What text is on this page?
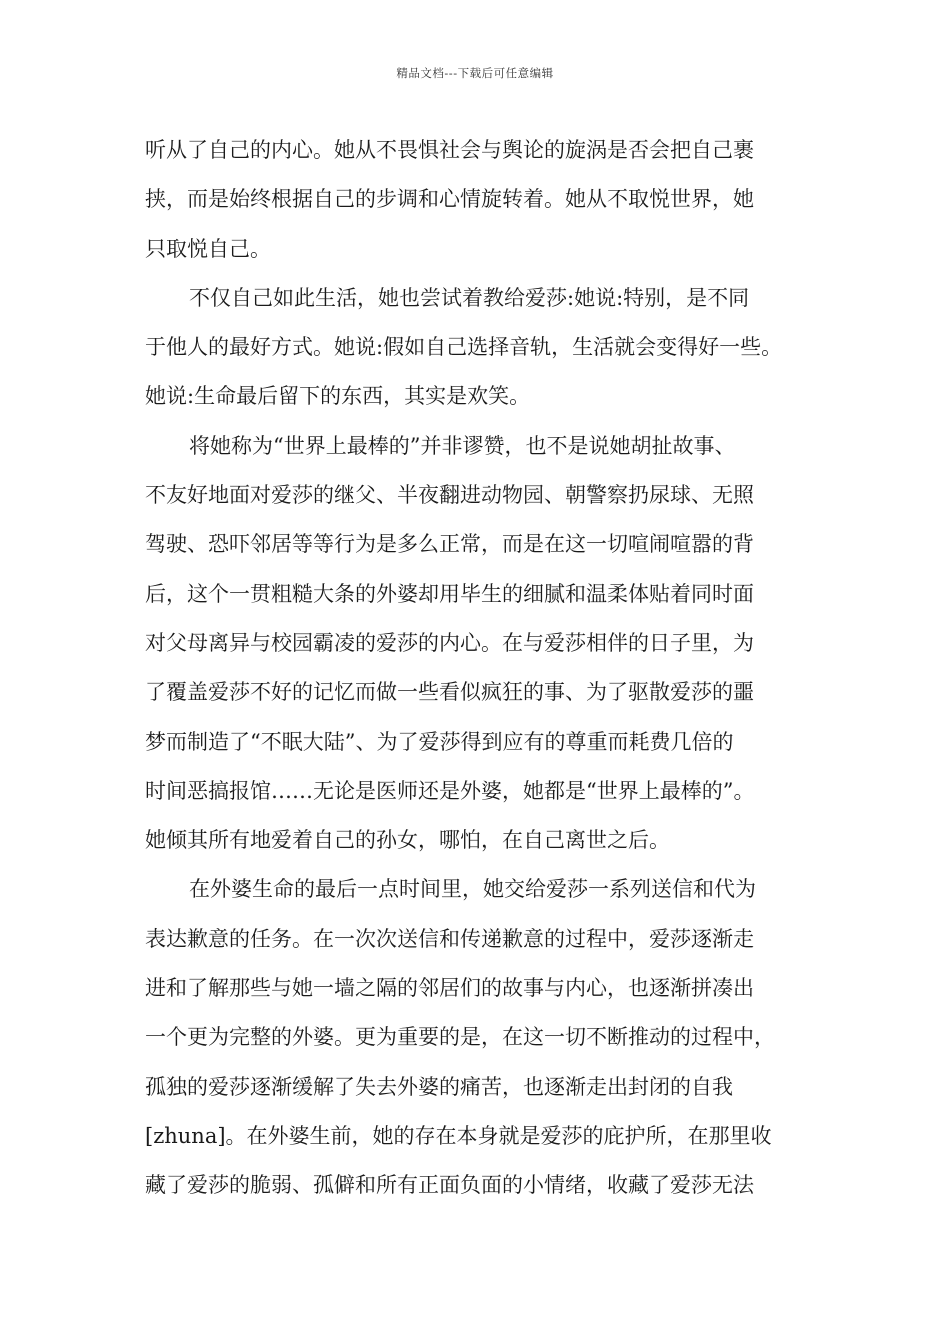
精品文档---下载后可任意编辑
听从了自己的内心。她从不畏惧社会与舆论的旋涡是否会把自己裹
挟，而是始终根据自己的步调和心情旋转着。她从不取悦世界，她
只取悦自己。
不仅自己如此生活，她也尝试着教给爱莎:她说:特别，是不同
于他人的最好方式。她说:假如自己选择音轨，生活就会变得好一些。
她说:生命最后留下的东西，其实是欢笑。
将她称为“世界上最棒的”并非谬赞，也不是说她胡扯故事、
不友好地面对爱莎的继父、半夜翻进动物园、朝警察扔尿球、无照
驾驶、恐吓邻居等等行为是多么正常，而是在这一切喧闹喧嚣的背
后，这个一贯粗糙大条的外婆却用毕生的细腻和温柔体贴着同时面
对父母离异与校园霸凌的爱莎的内心。在与爱莎相伴的日子里，为
了覆盖爱莎不好的记忆而做一些看似疯狂的事、为了驱散爱莎的噩
梦而制造了“不眠大陆”、为了爱莎得到应有的尊重而耗费几倍的
时间恶搞报馆……无论是医师还是外婆，她都是“世界上最棒的”。
她倾其所有地爱着自己的孙女，哪怕，在自己离世之后。
在外婆生命的最后一点时间里，她交给爱莎一系列送信和代为
表达歉意的任务。在一次次送信和传递歉意的过程中，爱莎逐渐走
进和了解那些与她一墙之隔的邻居们的故事与内心，也逐渐拼凑出
一个更为完整的外婆。更为重要的是，在这一切不断推动的过程中，
孤独的爱莎逐渐缓解了失去外婆的痛苦，也逐渐走出封闭的自我
[zhuna]。在外婆生前，她的存在本身就是爱莎的庇护所，在那里收
藏了爱莎的脆弱、孤僻和所有正面负面的小情绪，收藏了爱莎无法
